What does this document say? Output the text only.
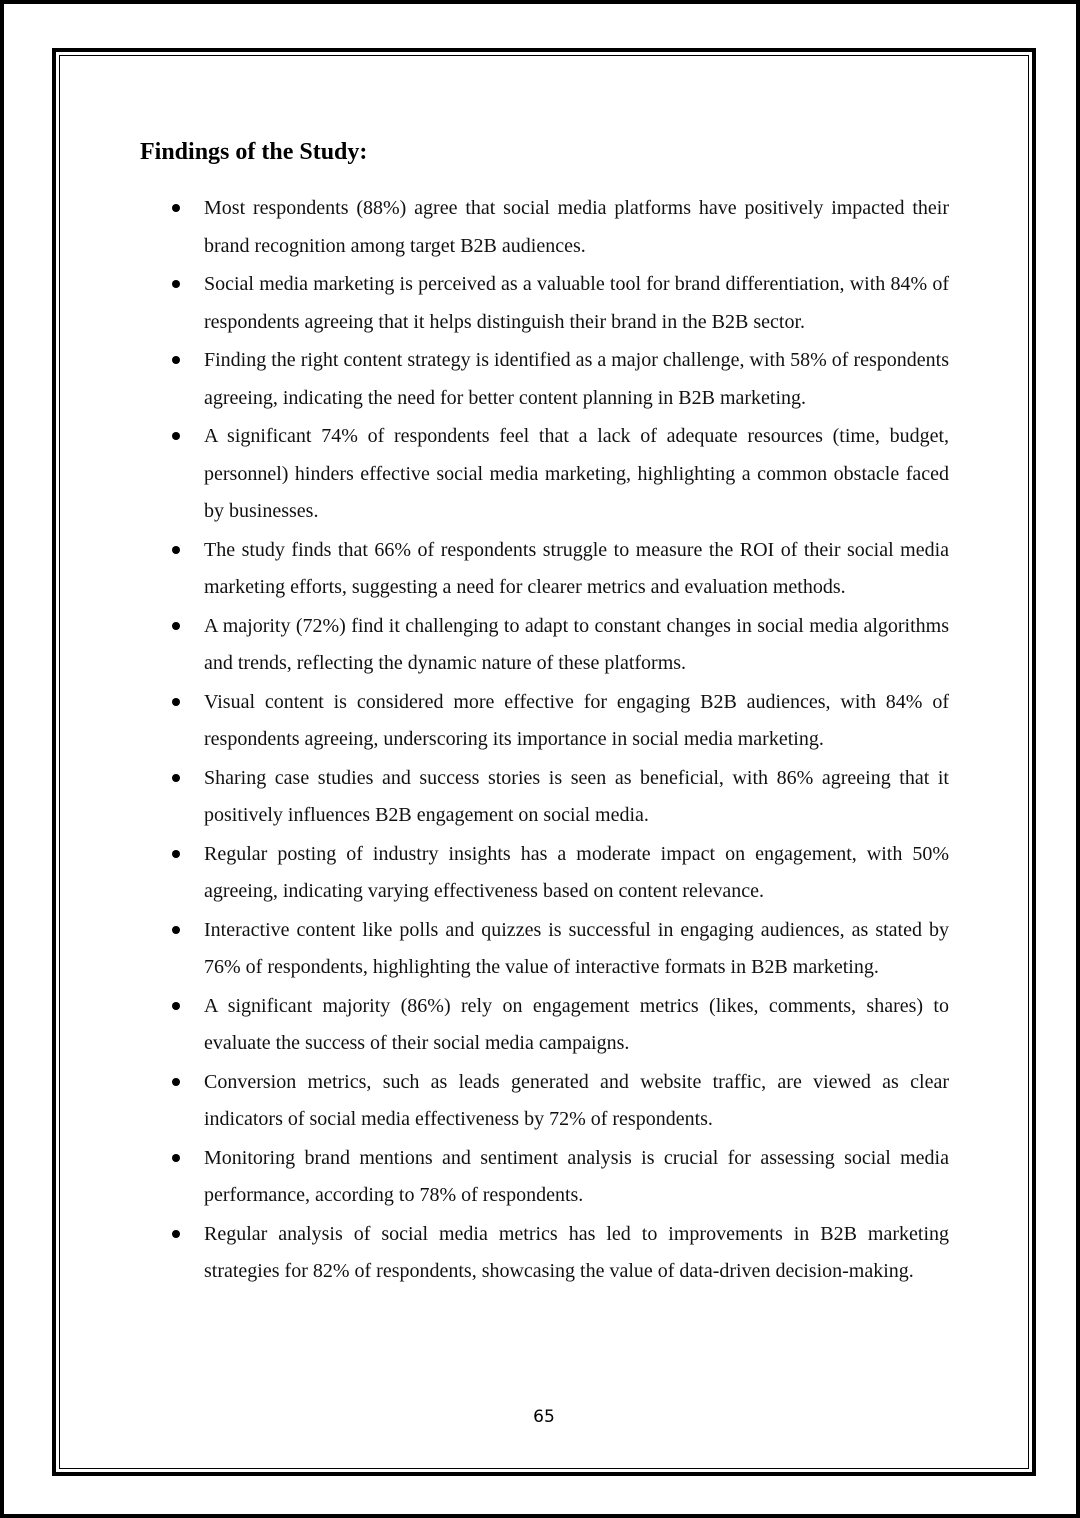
Findings of the Study:
Most respondents (88%) agree that social media platforms have positively impacted their brand recognition among target B2B audiences.
Social media marketing is perceived as a valuable tool for brand differentiation, with 84% of respondents agreeing that it helps distinguish their brand in the B2B sector.
Finding the right content strategy is identified as a major challenge, with 58% of respondents agreeing, indicating the need for better content planning in B2B marketing.
A significant 74% of respondents feel that a lack of adequate resources (time, budget, personnel) hinders effective social media marketing, highlighting a common obstacle faced by businesses.
The study finds that 66% of respondents struggle to measure the ROI of their social media marketing efforts, suggesting a need for clearer metrics and evaluation methods.
A majority (72%) find it challenging to adapt to constant changes in social media algorithms and trends, reflecting the dynamic nature of these platforms.
Visual content is considered more effective for engaging B2B audiences, with 84% of respondents agreeing, underscoring its importance in social media marketing.
Sharing case studies and success stories is seen as beneficial, with 86% agreeing that it positively influences B2B engagement on social media.
Regular posting of industry insights has a moderate impact on engagement, with 50% agreeing, indicating varying effectiveness based on content relevance.
Interactive content like polls and quizzes is successful in engaging audiences, as stated by 76% of respondents, highlighting the value of interactive formats in B2B marketing.
A significant majority (86%) rely on engagement metrics (likes, comments, shares) to evaluate the success of their social media campaigns.
Conversion metrics, such as leads generated and website traffic, are viewed as clear indicators of social media effectiveness by 72% of respondents.
Monitoring brand mentions and sentiment analysis is crucial for assessing social media performance, according to 78% of respondents.
Regular analysis of social media metrics has led to improvements in B2B marketing strategies for 82% of respondents, showcasing the value of data-driven decision-making.
65
